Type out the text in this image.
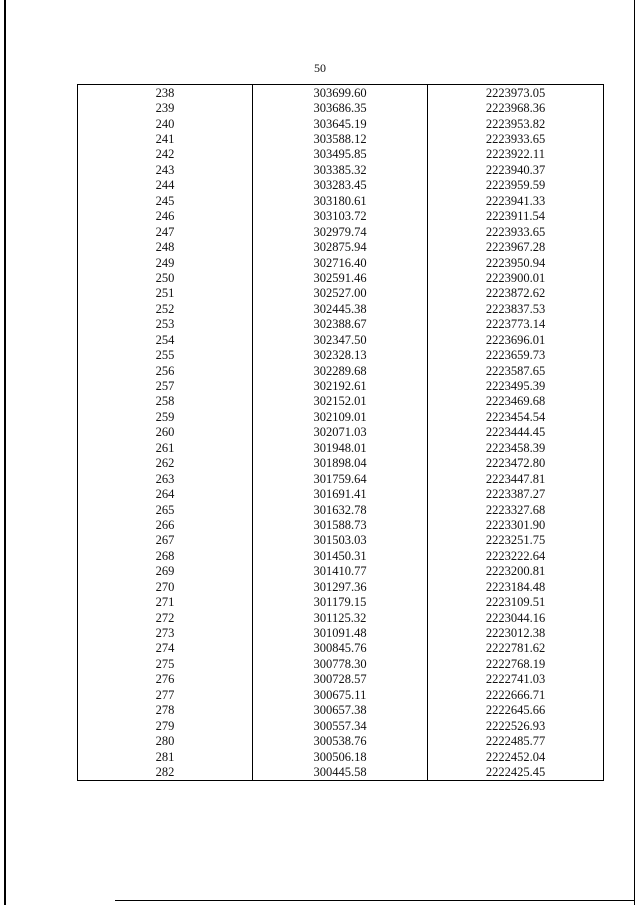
50
238	303699.60	2223973.05
239	303686.35	2223968.36
240	303645.19	2223953.82
241	303588.12	2223933.65
242	303495.85	2223922.11
243	303385.32	2223940.37
244	303283.45	2223959.59
245	303180.61	2223941.33
246	303103.72	2223911.54
247	302979.74	2223933.65
248	302875.94	2223967.28
249	302716.40	2223950.94
250	302591.46	2223900.01
251	302527.00	2223872.62
252	302445.38	2223837.53
253	302388.67	2223773.14
254	302347.50	2223696.01
255	302328.13	2223659.73
256	302289.68	2223587.65
257	302192.61	2223495.39
258	302152.01	2223469.68
259	302109.01	2223454.54
260	302071.03	2223444.45
261	301948.01	2223458.39
262	301898.04	2223472.80
263	301759.64	2223447.81
264	301691.41	2223387.27
265	301632.78	2223327.68
266	301588.73	2223301.90
267	301503.03	2223251.75
268	301450.31	2223222.64
269	301410.77	2223200.81
270	301297.36	2223184.48
271	301179.15	2223109.51
272	301125.32	2223044.16
273	301091.48	2223012.38
274	300845.76	2222781.62
275	300778.30	2222768.19
276	300728.57	2222741.03
277	300675.11	2222666.71
278	300657.38	2222645.66
279	300557.34	2222526.93
280	300538.76	2222485.77
281	300506.18	2222452.04
282	300445.58	2222425.45
